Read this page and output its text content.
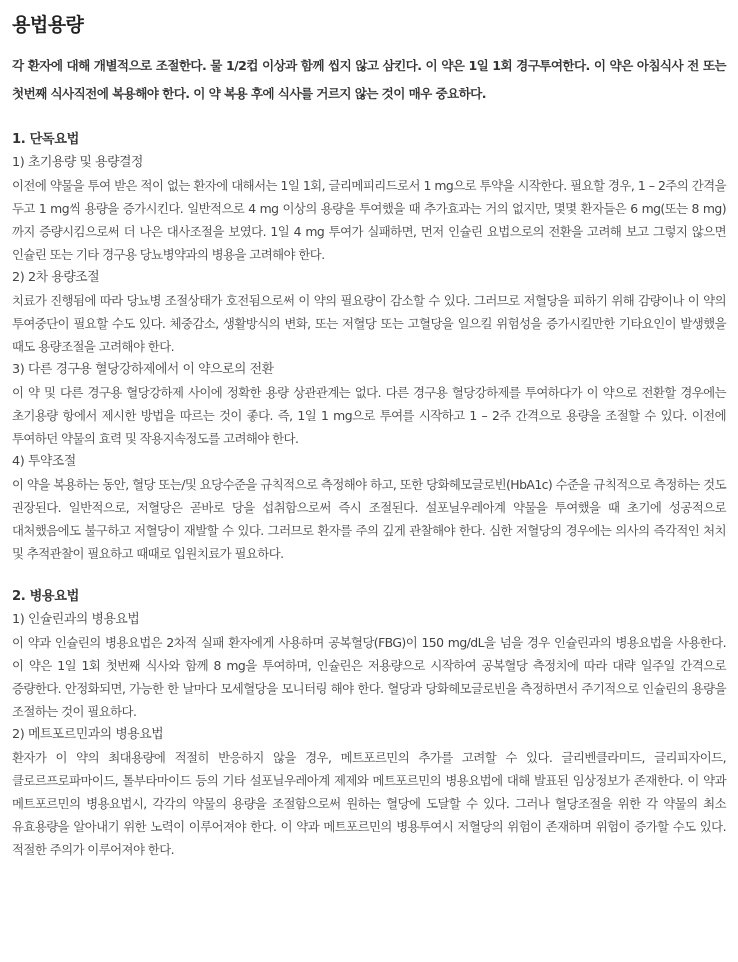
용법용량
각 환자에 대해 개별적으로 조절한다. 물 1/2컵 이상과 함께 씹지 않고 삼킨다. 이 약은 1일 1회 경구투여한다. 이 약은 아침식사 전 또는 첫번째 식사직전에 복용해야 한다. 이 약 복용 후에 식사를 거르지 않는 것이 매우 중요하다.
1. 단독요법
1) 초기용량 및 용량결정
이전에 약물을 투여 받은 적이 없는 환자에 대해서는 1일 1회, 글리메피리드로서 1 mg으로 투약을 시작한다. 필요할 경우, 1 – 2주의 간격을 두고 1 mg씩 용량을 증가시킨다. 일반적으로 4 mg 이상의 용량을 투여했을 때 추가효과는 거의 없지만, 몇몇 환자들은 6 mg(또는 8 mg)까지 증량시킴으로써 더 나은 대사조절을 보였다. 1일 4 mg 투여가 실패하면, 먼저 인슐린 요법으로의 전환을 고려해 보고 그렇지 않으면 인슐린 또는 기타 경구용 당뇨병약과의 병용을 고려해야 한다.
2) 2차 용량조절
치료가 진행됨에 따라 당뇨병 조절상태가 호전됨으로써 이 약의 필요량이 감소할 수 있다. 그러므로 저혈당을 피하기 위해 감량이나 이 약의 투여중단이 필요할 수도 있다. 체중감소, 생활방식의 변화, 또는 저혈당 또는 고혈당을 일으킬 위험성을 증가시킬만한 기타요인이 발생했을 때도 용량조절을 고려해야 한다.
3) 다른 경구용 혈당강하제에서 이 약으로의 전환
이 약 및 다른 경구용 혈당강하제 사이에 정확한 용량 상관관계는 없다. 다른 경구용 혈당강하제를 투여하다가 이 약으로 전환할 경우에는 초기용량 항에서 제시한 방법을 따르는 것이 좋다. 즉, 1일 1 mg으로 투여를 시작하고 1 – 2주 간격으로 용량을 조절할 수 있다. 이전에 투여하던 약물의 효력 및 작용지속정도를 고려해야 한다.
4) 투약조절
이 약을 복용하는 동안, 혈당 또는/및 요당수준을 규칙적으로 측정해야 하고, 또한 당화헤모글로빈(HbA1c) 수준을 규칙적으로 측정하는 것도 권장된다. 일반적으로, 저혈당은 곧바로 당을 섭취함으로써 즉시 조절된다. 설포닐우레아계 약물을 투여했을 때 초기에 성공적으로 대처했음에도 불구하고 저혈당이 재발할 수 있다. 그러므로 환자를 주의 깊게 관찰해야 한다. 심한 저혈당의 경우에는 의사의 즉각적인 처치 및 추적관찰이 필요하고 때때로 입원치료가 필요하다.
2. 병용요법
1) 인슐린과의 병용요법
이 약과 인슐린의 병용요법은 2차적 실패 환자에게 사용하며 공복혈당(FBG)이 150 mg/dL을 넘을 경우 인슐린과의 병용요법을 사용한다. 이 약은 1일 1회 첫번째 식사와 함께 8 mg을 투여하며, 인슐린은 저용량으로 시작하여 공복혈당 측정치에 따라 대략 일주일 간격으로 증량한다. 안정화되면, 가능한 한 날마다 모세혈당을 모니터링 해야 한다. 혈당과 당화헤모글로빈을 측정하면서 주기적으로 인슐린의 용량을 조절하는 것이 필요하다.
2) 메트포르민과의 병용요법
환자가 이 약의 최대용량에 적절히 반응하지 않을 경우, 메트포르민의 추가를 고려할 수 있다. 글리벤클라미드, 글리피자이드, 클로르프로파마이드, 톨부타마이드 등의 기타 설포닐우레아계 제제와 메트포르민의 병용요법에 대해 발표된 임상정보가 존재한다. 이 약과 메트포르민의 병용요법시, 각각의 약물의 용량을 조절함으로써 원하는 혈당에 도달할 수 있다. 그러나 혈당조절을 위한 각 약물의 최소 유효용량을 알아내기 위한 노력이 이루어져야 한다. 이 약과 메트포르민의 병용투여시 저혈당의 위험이 존재하며 위험이 증가할 수도 있다. 적절한 주의가 이루어져야 한다.
